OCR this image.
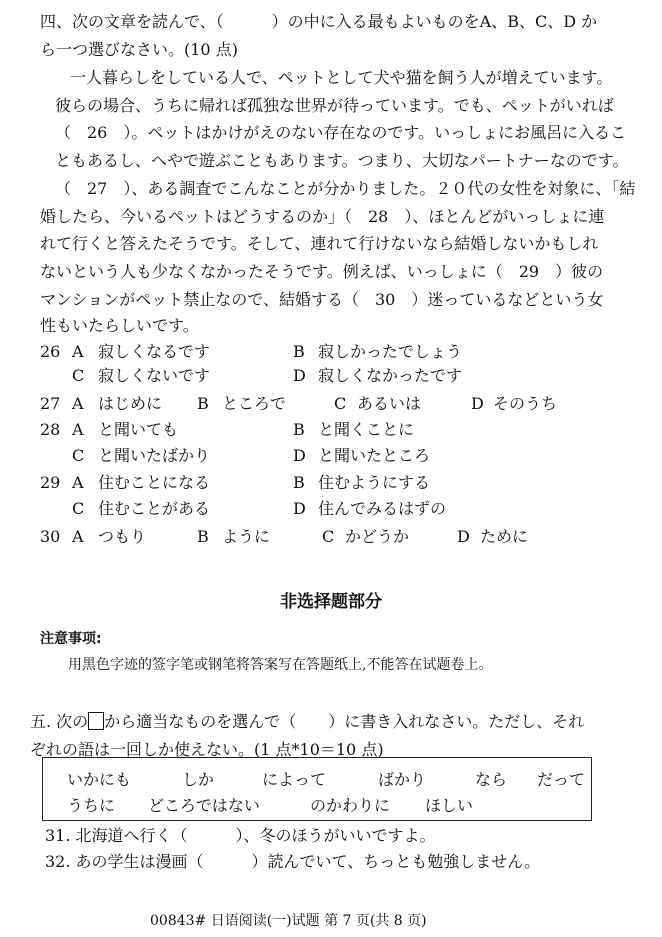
四、次の文章を読んで、（　　　）の中に入る最もよいものをA、B、C、D か
ら一つ選びなさい。(10 点)
一人暮らしをしている人で、ペットとして犬や猫を飼う人が増えています。
彼らの場合、うちに帰れば孤独な世界が待っています。でも、ペットがいれば
（　26　）。ペットはかけがえのない存在なのです。いっしょにお風呂に入るこ
ともあるし、へやで遊ぶこともあります。つまり、大切なパートナーなのです。
（　27　）、ある調査でこんなことが分かりました。２０代の女性を対象に、「結
婚したら、今いるペットはどうするのか」（　28　）、ほとんどがいっしょに連
れて行くと答えたそうです。そして、連れて行けないなら結婚しないかもしれ
ないという人も少なくなかったそうです。例えば、いっしょに（　29　）彼の
マンションがペット禁止なので、結婚する（　30　）迷っているなどという女
性もいたらしいです。
26 A 寂しくなるです	B 寂しかったでしょう
C 寂しくないです	D 寂しくなかったです
27 A はじめに B ところで	C あるいは	D そのうち
28 A と聞いても	B と聞くことに
C と聞いたばかり	D と聞いたところ
29 A 住むことになる	B 住むようにする
C 住むことがある	D 住んでみるはずの
30 A つもり	B ように	C かどうか	D ために
非选择题部分
注意事项:
用黑色字迹的签字笔或钢笔将答案写在答题纸上,不能答在试题卷上。
五. 次の から適当なものを選んで（　　）に書き入れなさい。ただし、それ
ぞれの語は一回しか使えない。(1 点*10＝10 点)
いかにも	しか	によって	ばかり	なら だって
うちに どころではない	のかわりに ほしい
31. 北海道へ行く（　　　）、冬のほうがいいですよ。
32. あの学生は漫画（　　　）読んでいて、ちっとも勉強しません。
00843# 日语阅读(一)试题 第 7 页(共 8 页)
